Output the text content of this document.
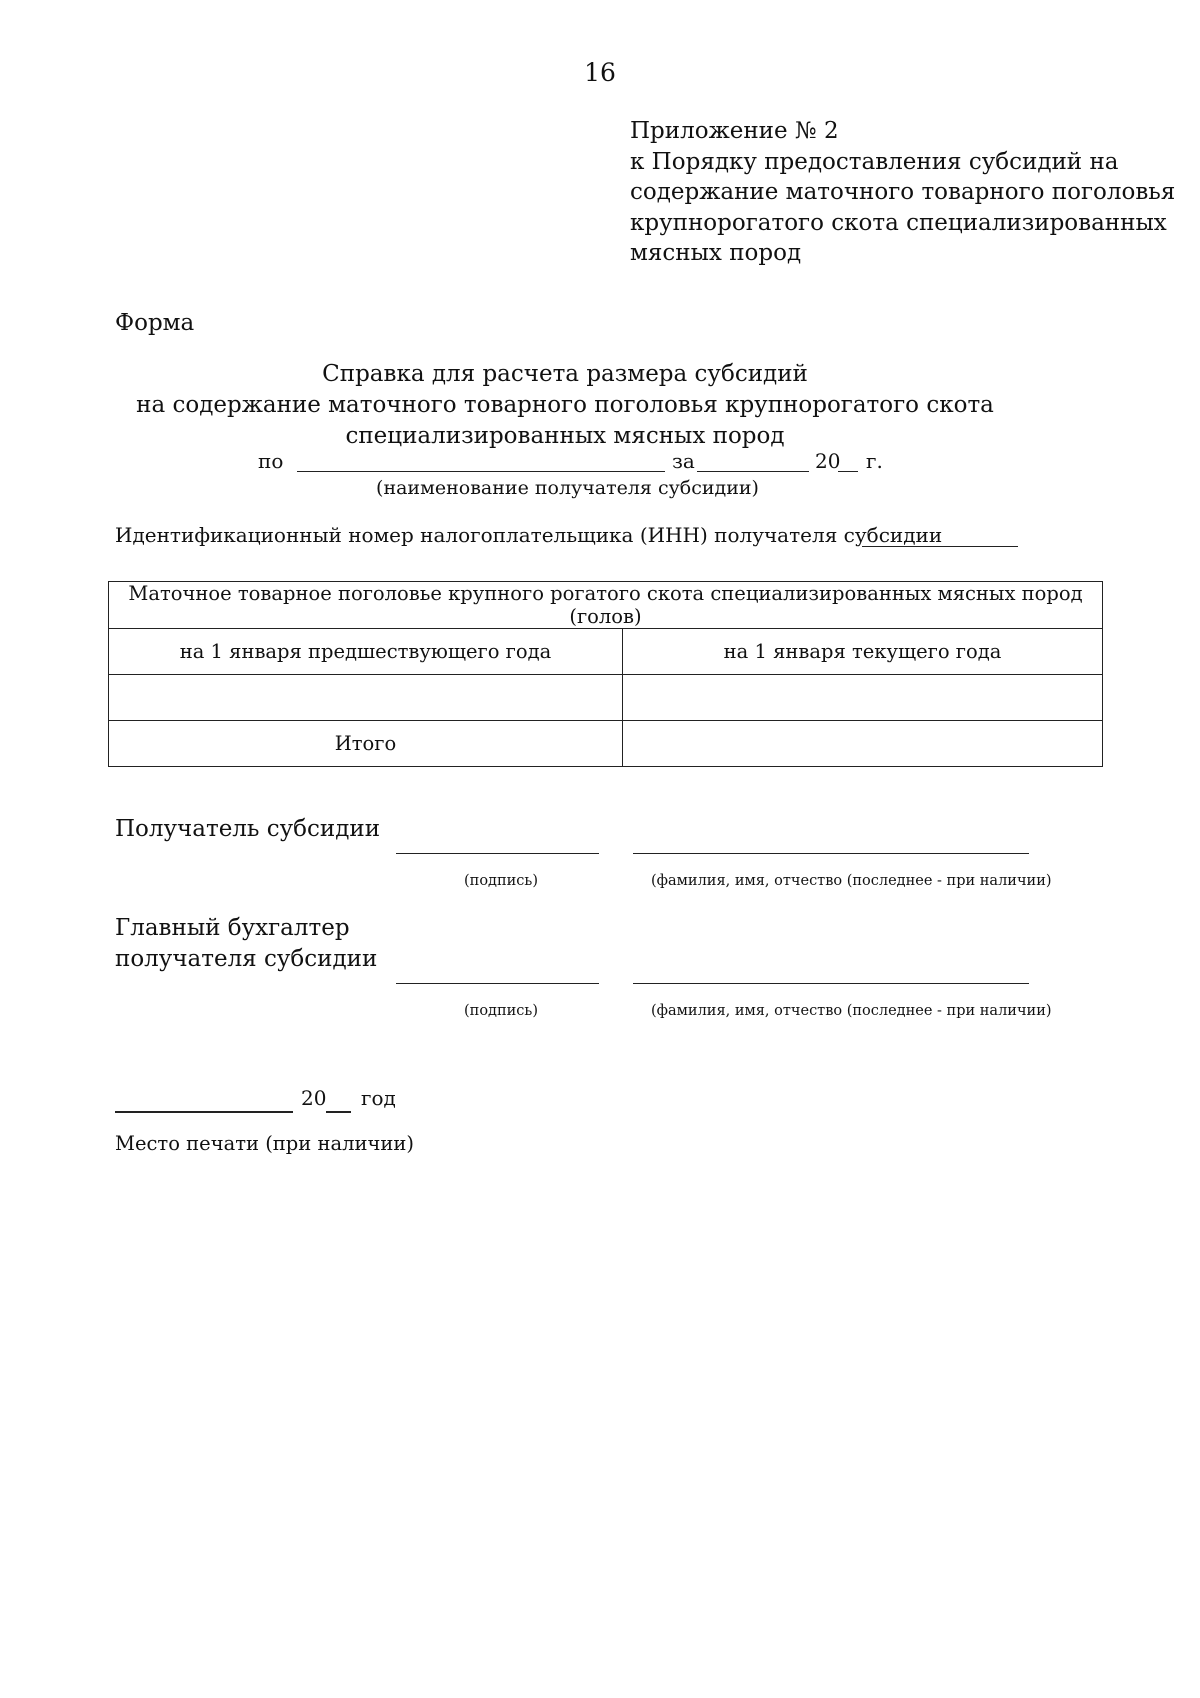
16
Приложение № 2
к Порядку предоставления субсидий на
содержание маточного товарного поголовья
крупнорогатого скота специализированных
мясных пород
Форма
Справка для расчета размера субсидий
на содержание маточного товарного поголовья крупнорогатого скота
специализированных мясных пород
по	за	20 г.
(наименование получателя субсидии)
Идентификационный номер налогоплательщика (ИНН) получателя субсидии
Маточное товарное поголовье крупного рогатого скота специализированных мясных пород (голов)	
на 1 января предшествующего года	на 1 января текущего года

Итого	
Получатель субсидии
(подпись)	(фамилия, имя, отчество (последнее - при наличии)
Главный бухгалтер
получателя субсидии
(подпись)	(фамилия, имя, отчество (последнее - при наличии)
20 год
Место печати (при наличии)
